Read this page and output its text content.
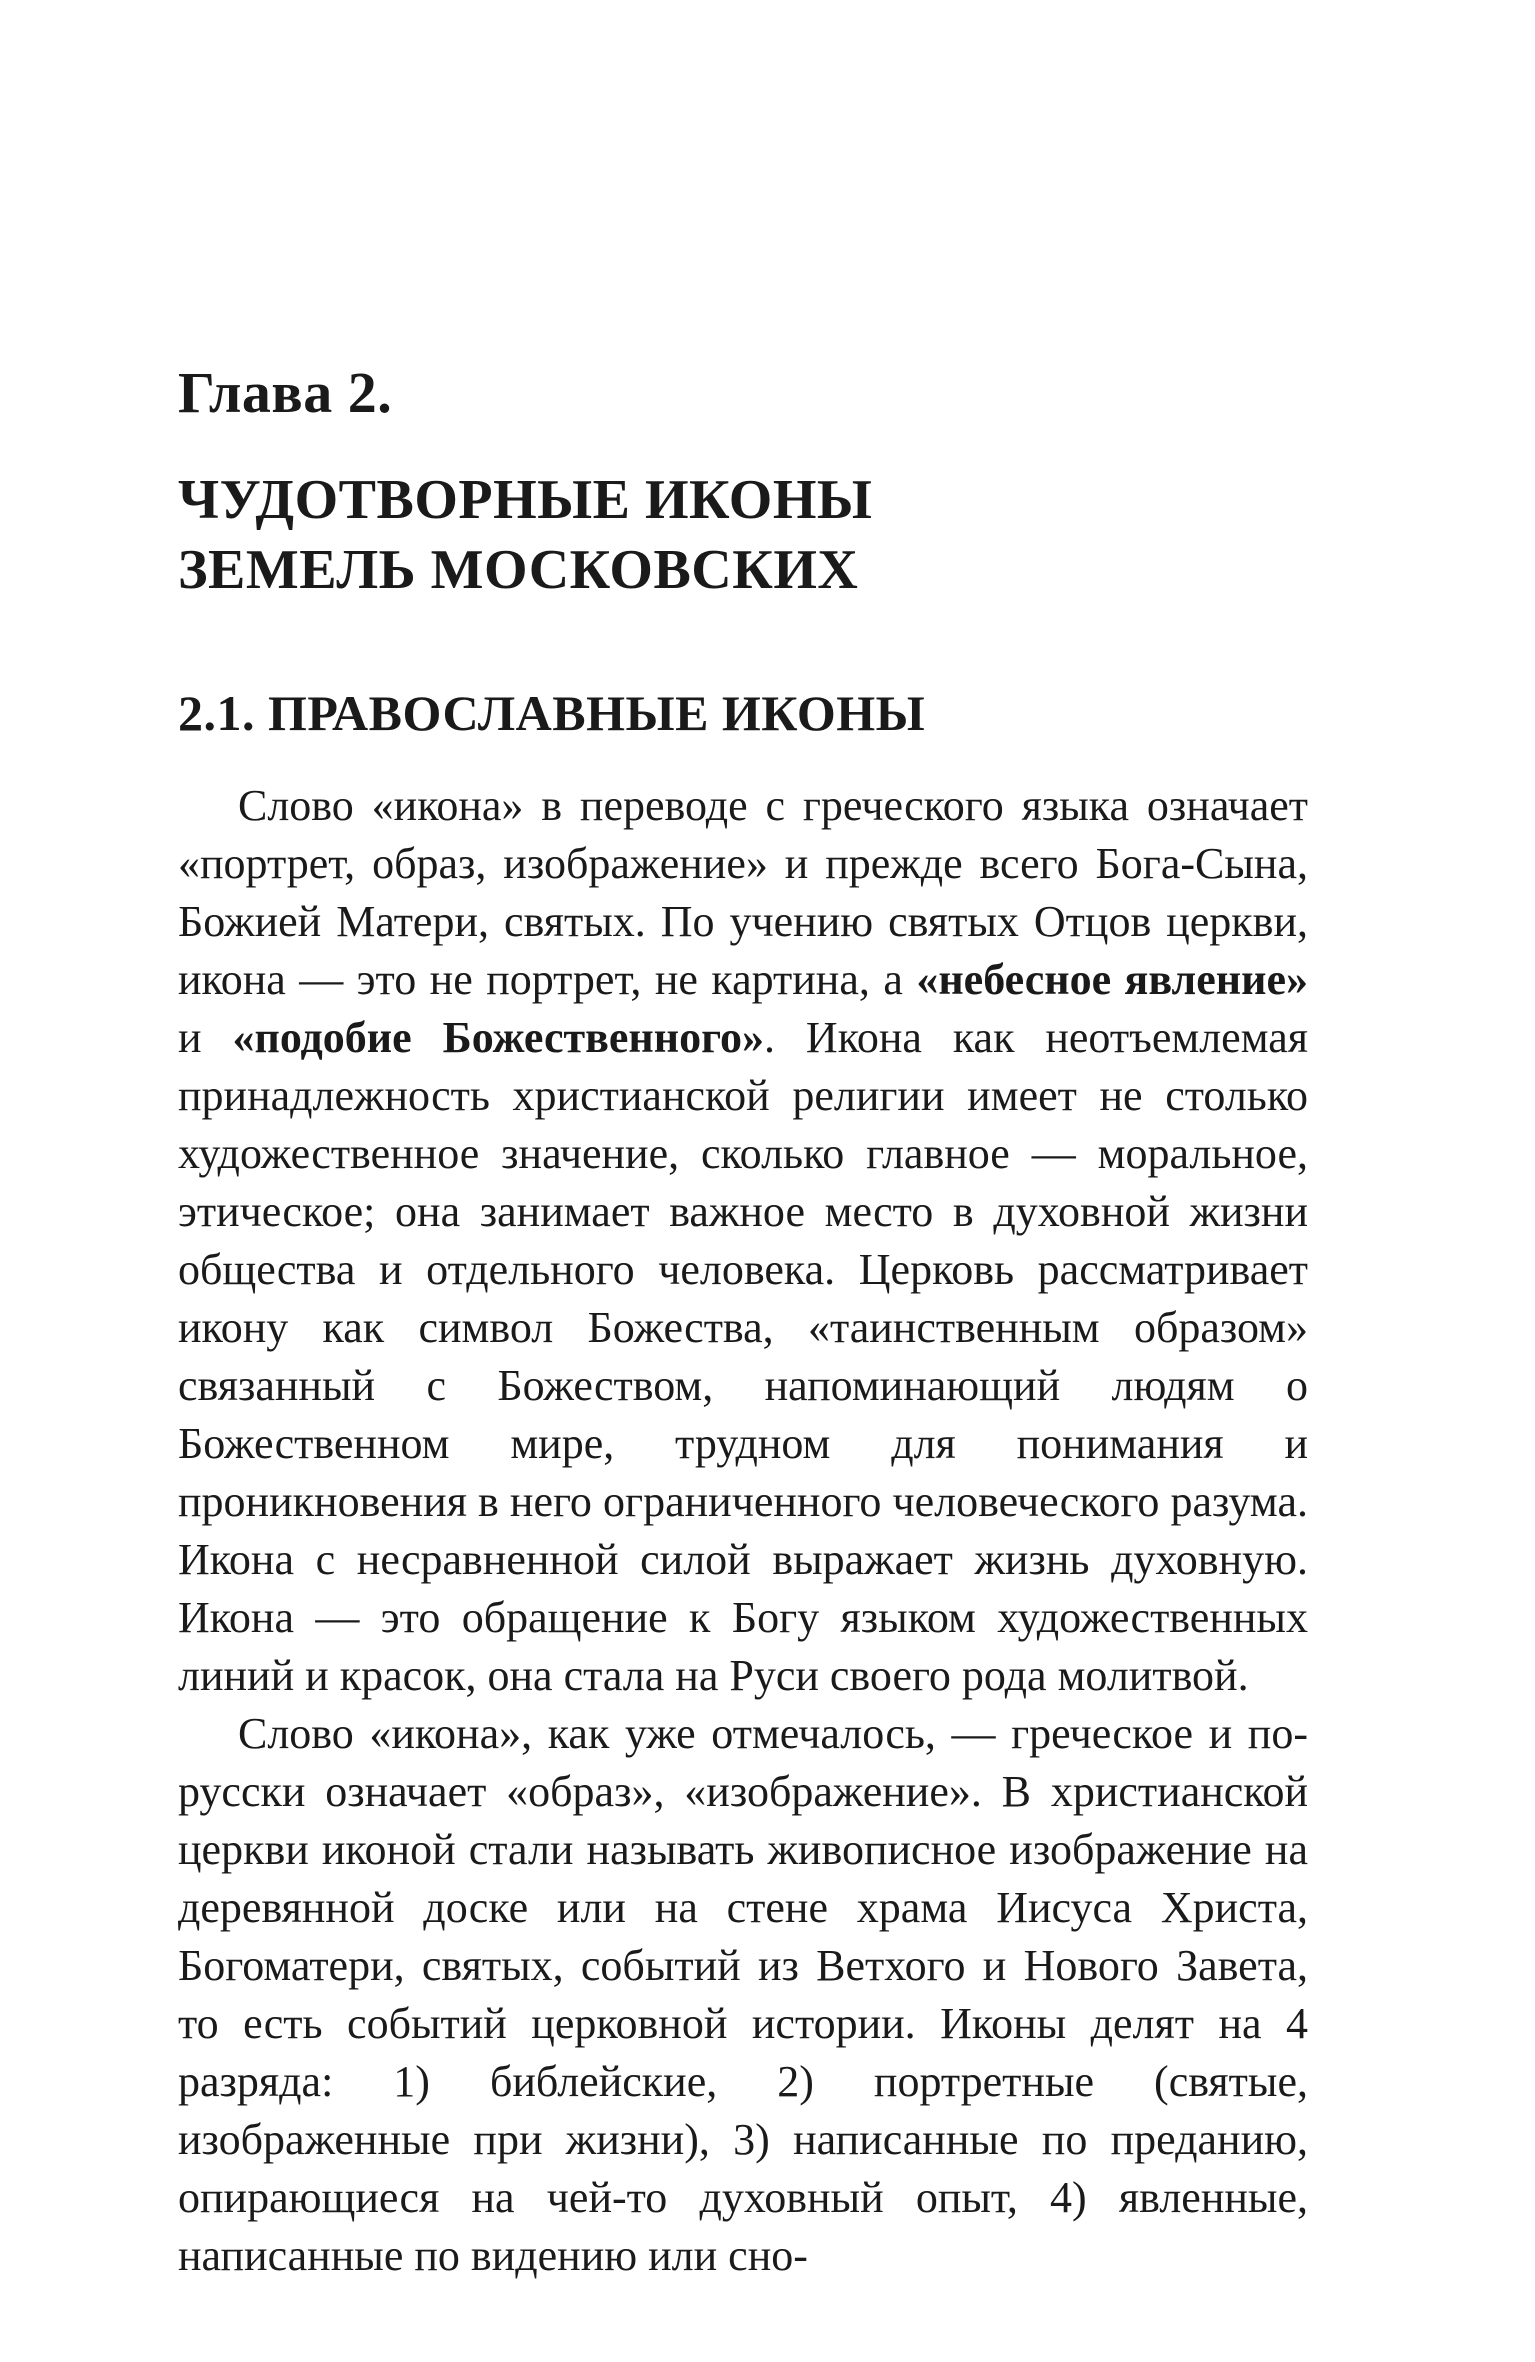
Глава 2.
ЧУДОТВОРНЫЕ ИКОНЫ
ЗЕМЕЛЬ МОСКОВСКИХ
2.1. ПРАВОСЛАВНЫЕ ИКОНЫ

Слово «икона» в переводе с греческого языка означает «портрет, образ, изображение» и прежде всего Бога-Сына, Божией Матери, святых. По учению святых Отцов церкви, икона — это не портрет, не картина, а «небесное явление» и «подобие Божественного». Икона как неотъемлемая принадлежность христианской религии имеет не столько художественное значение, сколько главное — моральное, этическое; она занимает важное место в духовной жизни общества и отдельного человека. Церковь рассматривает икону как символ Божества, «таинственным образом» связанный с Божеством, напоминающий людям о Божественном мире, трудном для понимания и проникновения в него ограниченного человеческого разума. Икона с несравненной силой выражает жизнь духовную. Икона — это обращение к Богу языком художественных линий и красок, она стала на Руси своего рода молитвой.

Слово «икона», как уже отмечалось, — греческое и по-русски означает «образ», «изображение». В христианской церкви иконой стали называть живописное изображение на деревянной доске или на стене храма Иисуса Христа, Богоматери, святых, событий из Ветхого и Нового Завета, то есть событий церковной истории. Иконы делят на 4 разряда: 1) библейские, 2) портретные (святые, изображенные при жизни), 3) написанные по преданию, опирающиеся на чей-то духовный опыт, 4) явленные, написанные по видению или сно-
